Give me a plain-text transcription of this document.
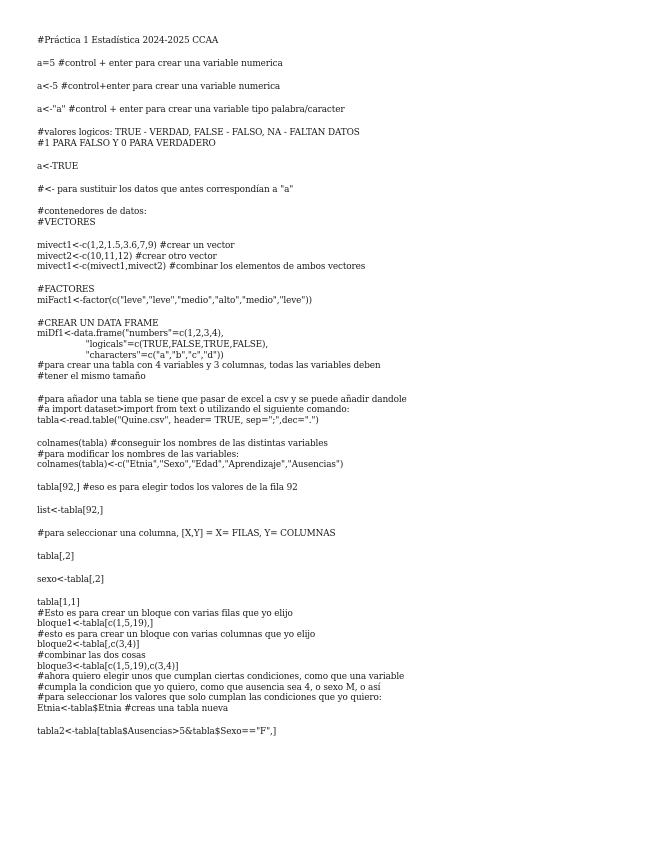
#Práctica 1 Estadística 2024-2025 CCAA
a=5 #control + enter para crear una variable numerica
a<-5 #control+enter para crear una variable numerica
a<-"a" #control + enter para crear una variable tipo palabra/caracter
#valores logicos: TRUE - VERDAD, FALSE - FALSO, NA - FALTAN DATOS
#1 PARA FALSO Y 0 PARA VERDADERO
a<-TRUE
#<- para sustituir los datos que antes correspondían a "a"
#contenedores de datos:
#VECTORES
mivect1<-c(1,2,1.5,3.6,7,9) #crear un vector
mivect2<-c(10,11,12) #crear otro vector
mivect1<-c(mivect1,mivect2) #combinar los elementos de ambos vectores
#FACTORES
miFact1<-factor(c("leve","leve","medio","alto","medio","leve"))
#CREAR UN DATA FRAME
miDf1<-data.frame("numbers"=c(1,2,3,4),
"logicals"=c(TRUE,FALSE,TRUE,FALSE),
"characters"=c("a","b","c","d"))
#para crear una tabla con 4 variables y 3 columnas, todas las variables deben
#tener el mismo tamaño
#para añador una tabla se tiene que pasar de excel a csv y se puede añadir dandole
#a import dataset>import from text o utilizando el siguiente comando:
tabla<-read.table("Quine.csv", header= TRUE, sep=";",dec=".")
colnames(tabla) #conseguir los nombres de las distintas variables
#para modificar los nombres de las variables:
colnames(tabla)<-c("Etnia","Sexo","Edad","Aprendizaje","Ausencias")
tabla[92,] #eso es para elegir todos los valores de la fila 92
list<-tabla[92,]
#para seleccionar una columna, [X,Y] = X= FILAS, Y= COLUMNAS
tabla[,2]
sexo<-tabla[,2]
tabla[1,1]
#Esto es para crear un bloque con varias filas que yo elijo
bloque1<-tabla[c(1,5,19),]
#esto es para crear un bloque con varias columnas que yo elijo
bloque2<-tabla[,c(3,4)]
#combinar las dos cosas
bloque3<-tabla[c(1,5,19),c(3,4)]
#ahora quiero elegir unos que cumplan ciertas condiciones, como que una variable
#cumpla la condicion que yo quiero, como que ausencia sea 4, o sexo M, o así
#para seleccionar los valores que solo cumplan las condiciones que yo quiero:
Etnia<-tabla$Etnia #creas una tabla nueva
tabla2<-tabla[tabla$Ausencias>5&tabla$Sexo=="F",]
